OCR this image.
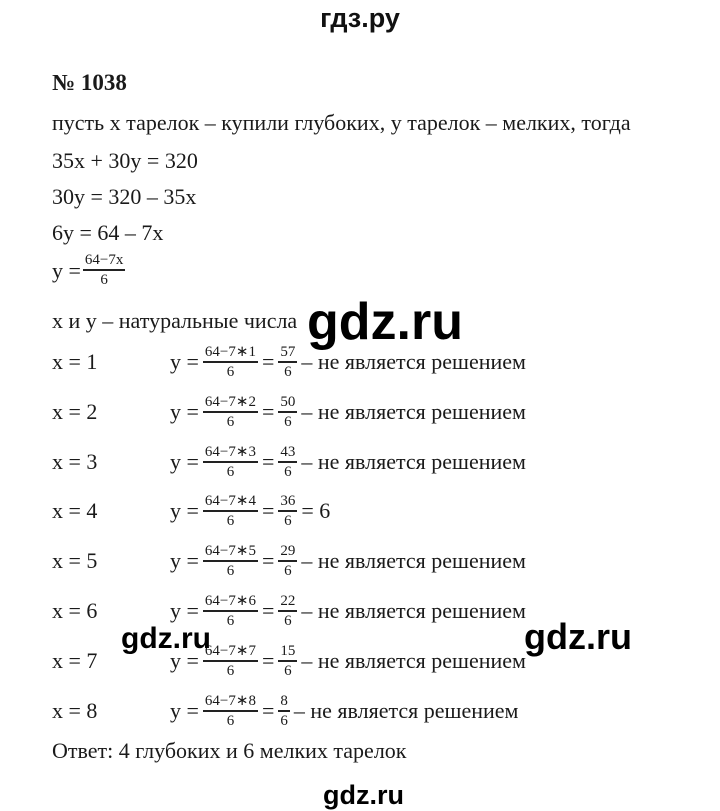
гдз.ру
№ 1038
пусть x тарелок – купили глубоких, y тарелок – мелких, тогда
35x + 30y = 320
30y = 320 – 35x
6y = 64 – 7x
$y = \frac{64-7x}{6}$
x и y – натуральные числа
x = 1	$y = \frac{64-7∗1}{6} = \frac{57}{6}$ – не является решением
x = 2	$y = \frac{64-7∗2}{6} = \frac{50}{6}$ – не является решением
x = 3	$y = \frac{64-7∗3}{6} = \frac{43}{6}$ – не является решением
x = 4	$y = \frac{64-7∗4}{6} = \frac{36}{6} = 6$
x = 5	$y = \frac{64-7∗5}{6} = \frac{29}{6}$ – не является решением
x = 6	$y = \frac{64-7∗6}{6} = \frac{22}{6}$ – не является решением
x = 7	$y = \frac{64-7∗7}{6} = \frac{15}{6}$ – не является решением
x = 8	$y = \frac{64-7∗8}{6} = \frac{8}{6}$ – не является решением
Ответ: 4 глубоких и 6 мелких тарелок
gdz.ru
gdz.ru	gdz.ru
gdz.ru
